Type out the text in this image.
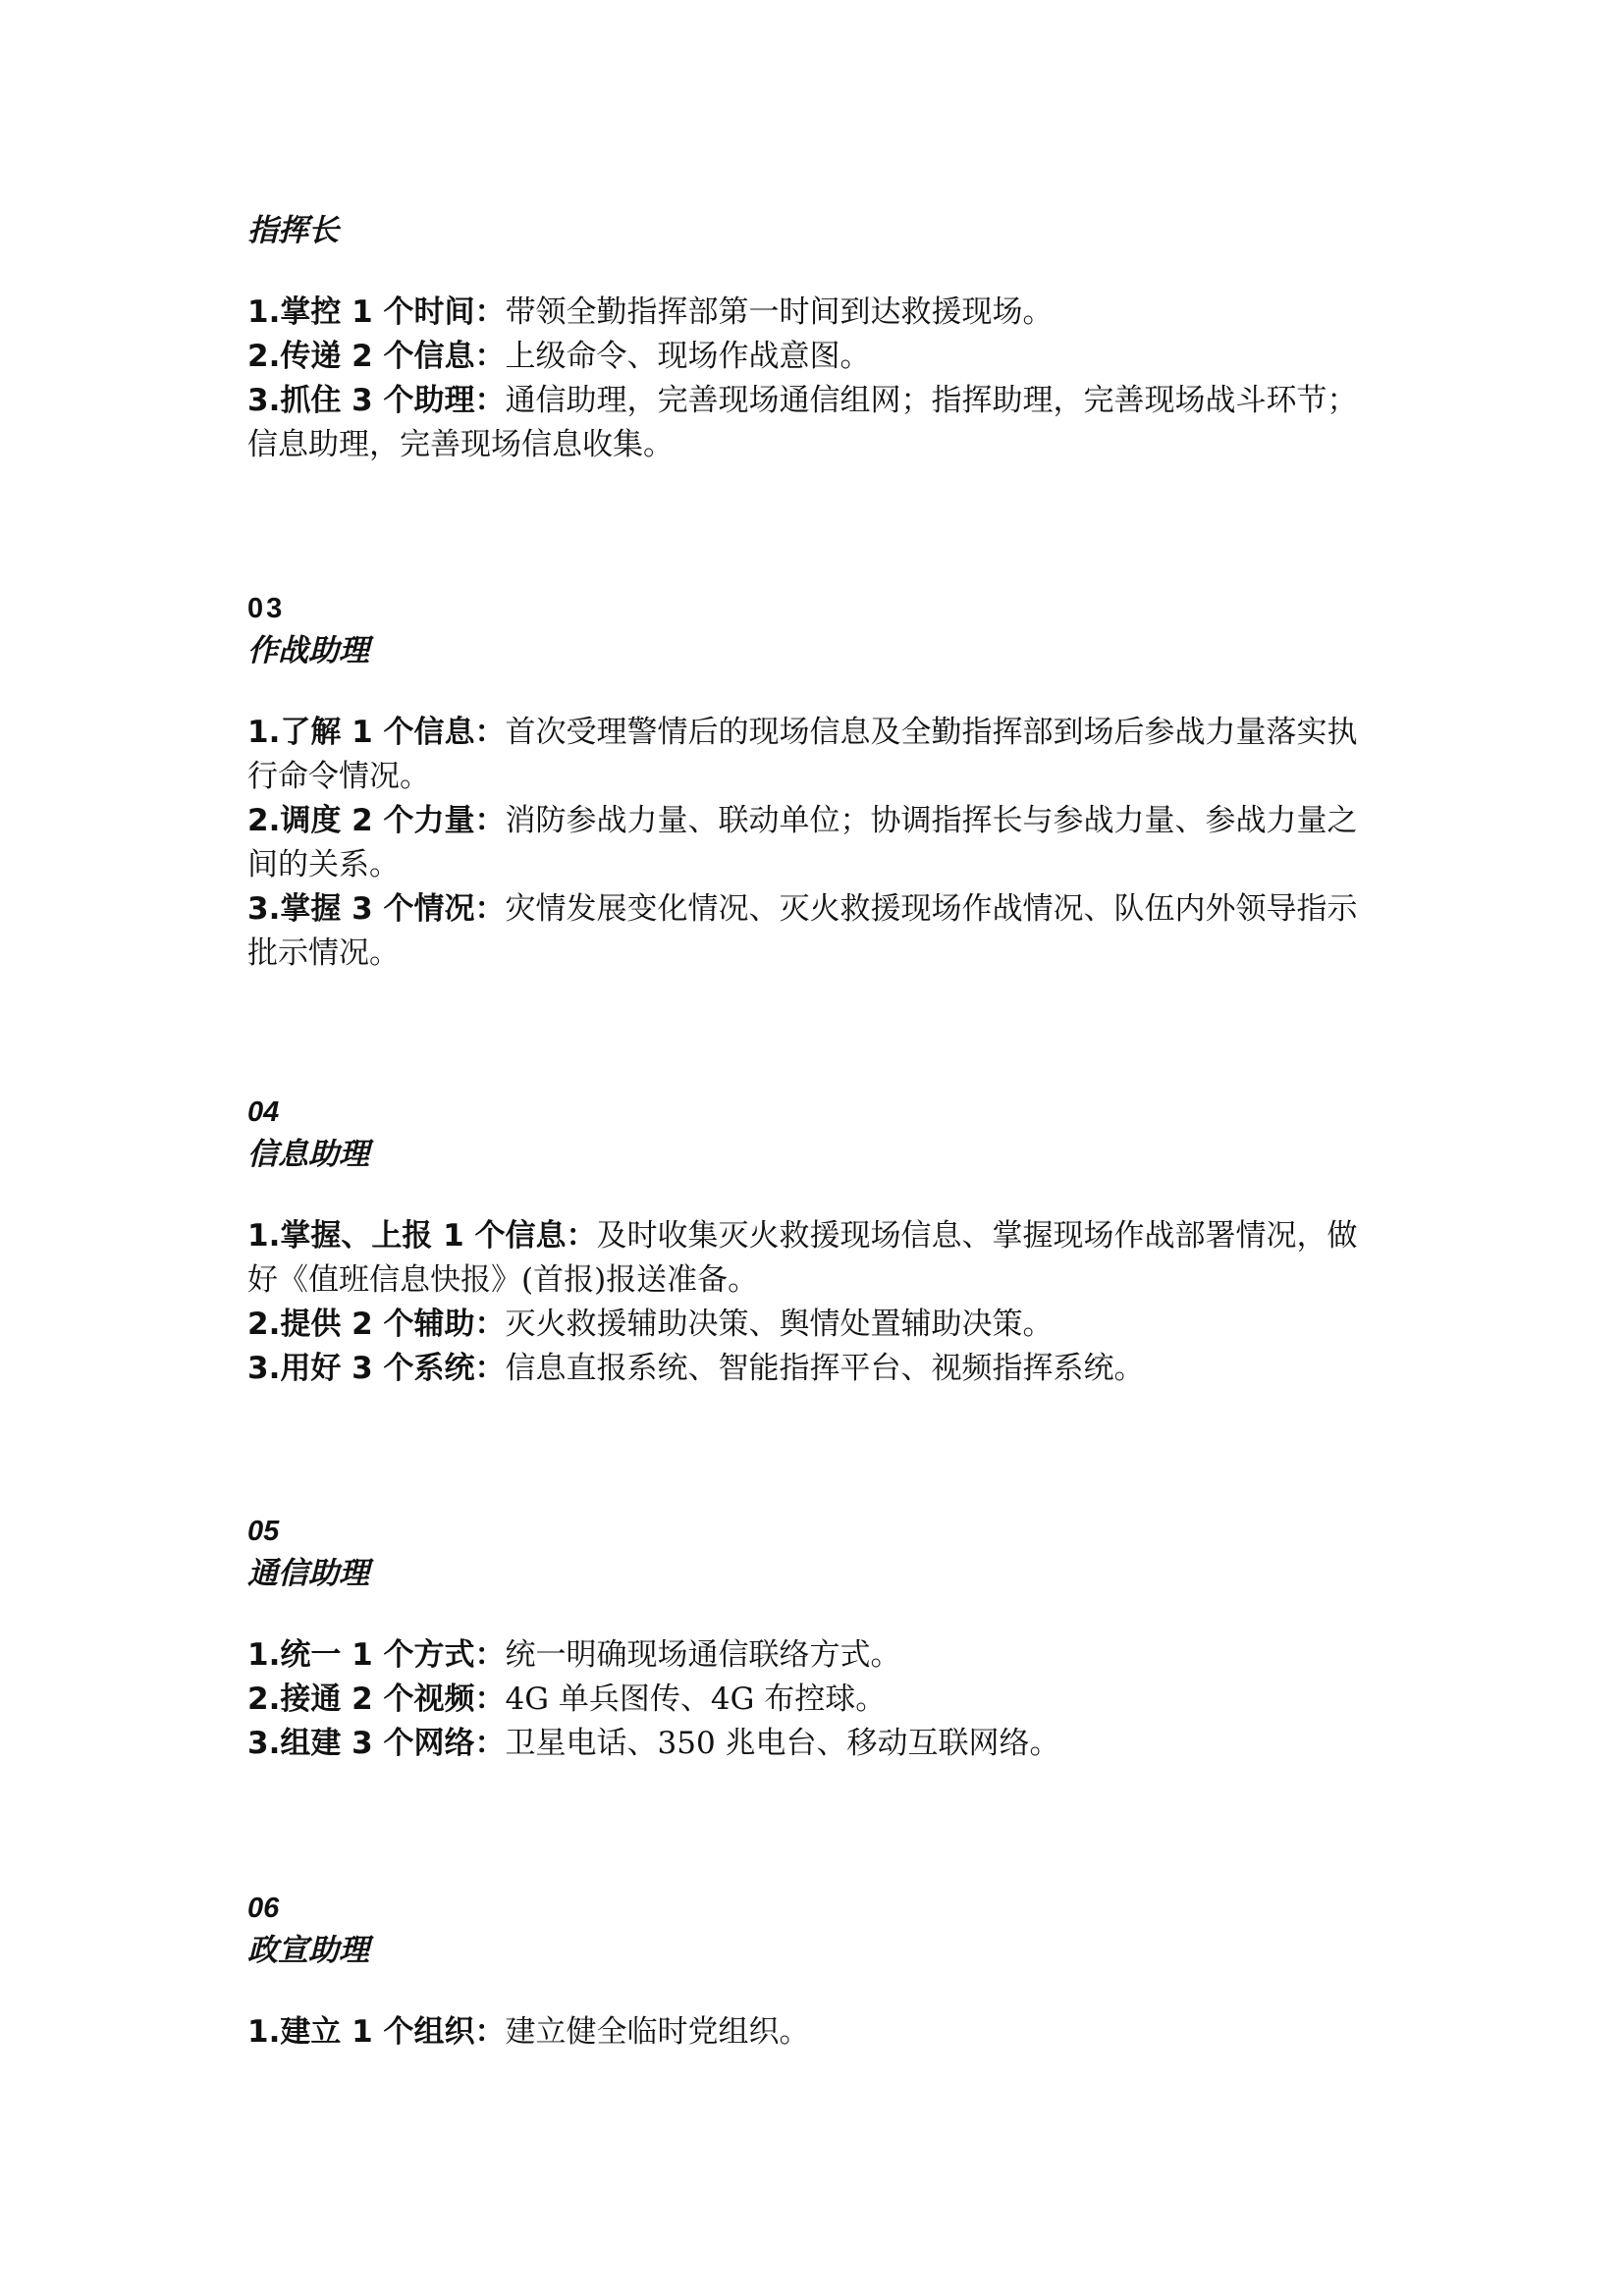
指挥长
1.掌控 1 个时间：带领全勤指挥部第一时间到达救援现场。
2.传递 2 个信息：上级命令、现场作战意图。
3.抓住 3 个助理：通信助理，完善现场通信组网；指挥助理，完善现场战斗环节；信息助理，完善现场信息收集。
03
作战助理
1.了解 1 个信息：首次受理警情后的现场信息及全勤指挥部到场后参战力量落实执行命令情况。
2.调度 2 个力量：消防参战力量、联动单位；协调指挥长与参战力量、参战力量之间的关系。
3.掌握 3 个情况：灾情发展变化情况、灭火救援现场作战情况、队伍内外领导指示批示情况。
04
信息助理
1.掌握、上报 1 个信息：及时收集灭火救援现场信息、掌握现场作战部署情况，做好《值班信息快报》(首报)报送准备。
2.提供 2 个辅助：灭火救援辅助决策、舆情处置辅助决策。
3.用好 3 个系统：信息直报系统、智能指挥平台、视频指挥系统。
05
通信助理
1.统一 1 个方式：统一明确现场通信联络方式。
2.接通 2 个视频：4G 单兵图传、4G 布控球。
3.组建 3 个网络：卫星电话、350 兆电台、移动互联网络。
06
政宣助理
1.建立 1 个组织：建立健全临时党组织。
